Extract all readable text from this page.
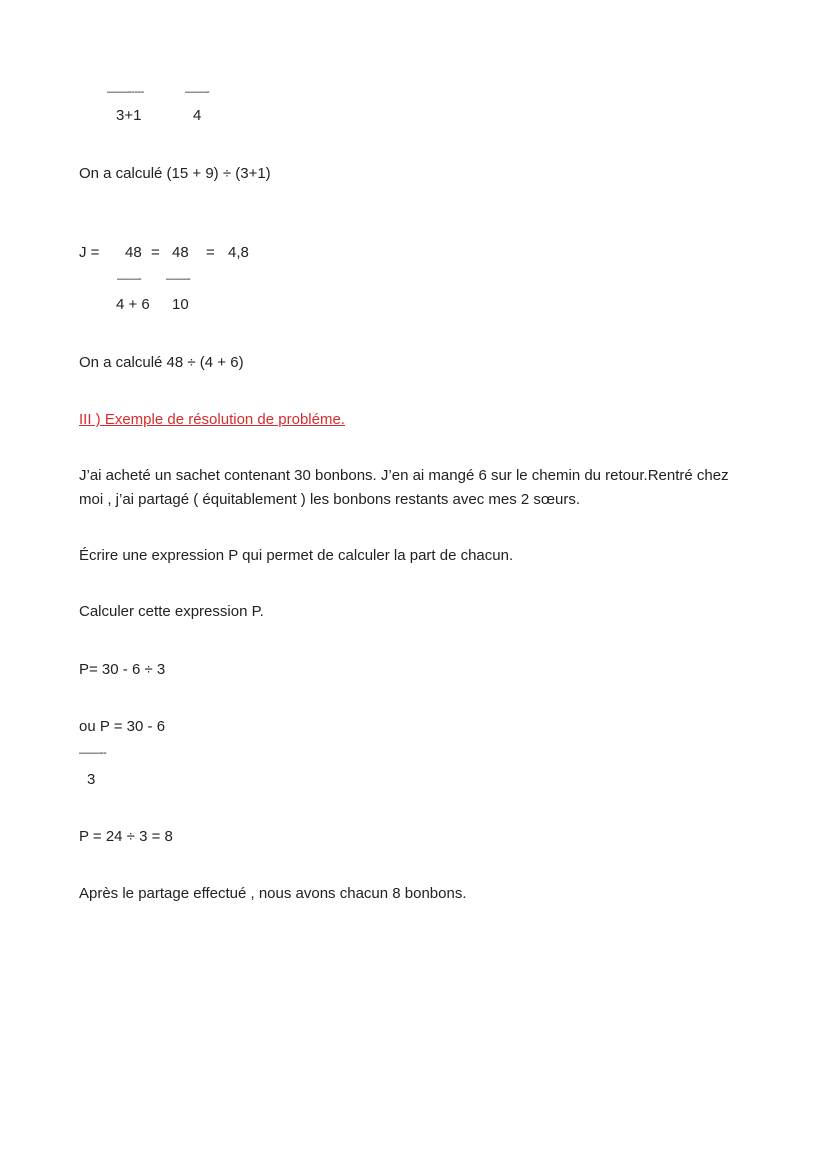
——-----	——-
3+1	4
On a calculé (15 + 9) ÷ (3+1)
J = 48 = 48 = 4,8
——- ——-
4 + 6 10
On a calculé 48 ÷ (4 + 6)
III ) Exemple de résolution de probléme.
J’ai acheté un sachet contenant 30 bonbons. J’en ai mangé 6 sur le chemin du retour.Rentré chez
moi , j’ai partagé ( équitablement ) les bonbons restants avec mes 2 sœurs.
Écrire une expression P qui permet de calculer la part de chacun.
Calculer cette expression P.
P= 30 - 6 ÷ 3
ou P = 30 - 6
——--
3
P = 24 ÷ 3 = 8
Après le partage effectué , nous avons chacun 8 bonbons.
